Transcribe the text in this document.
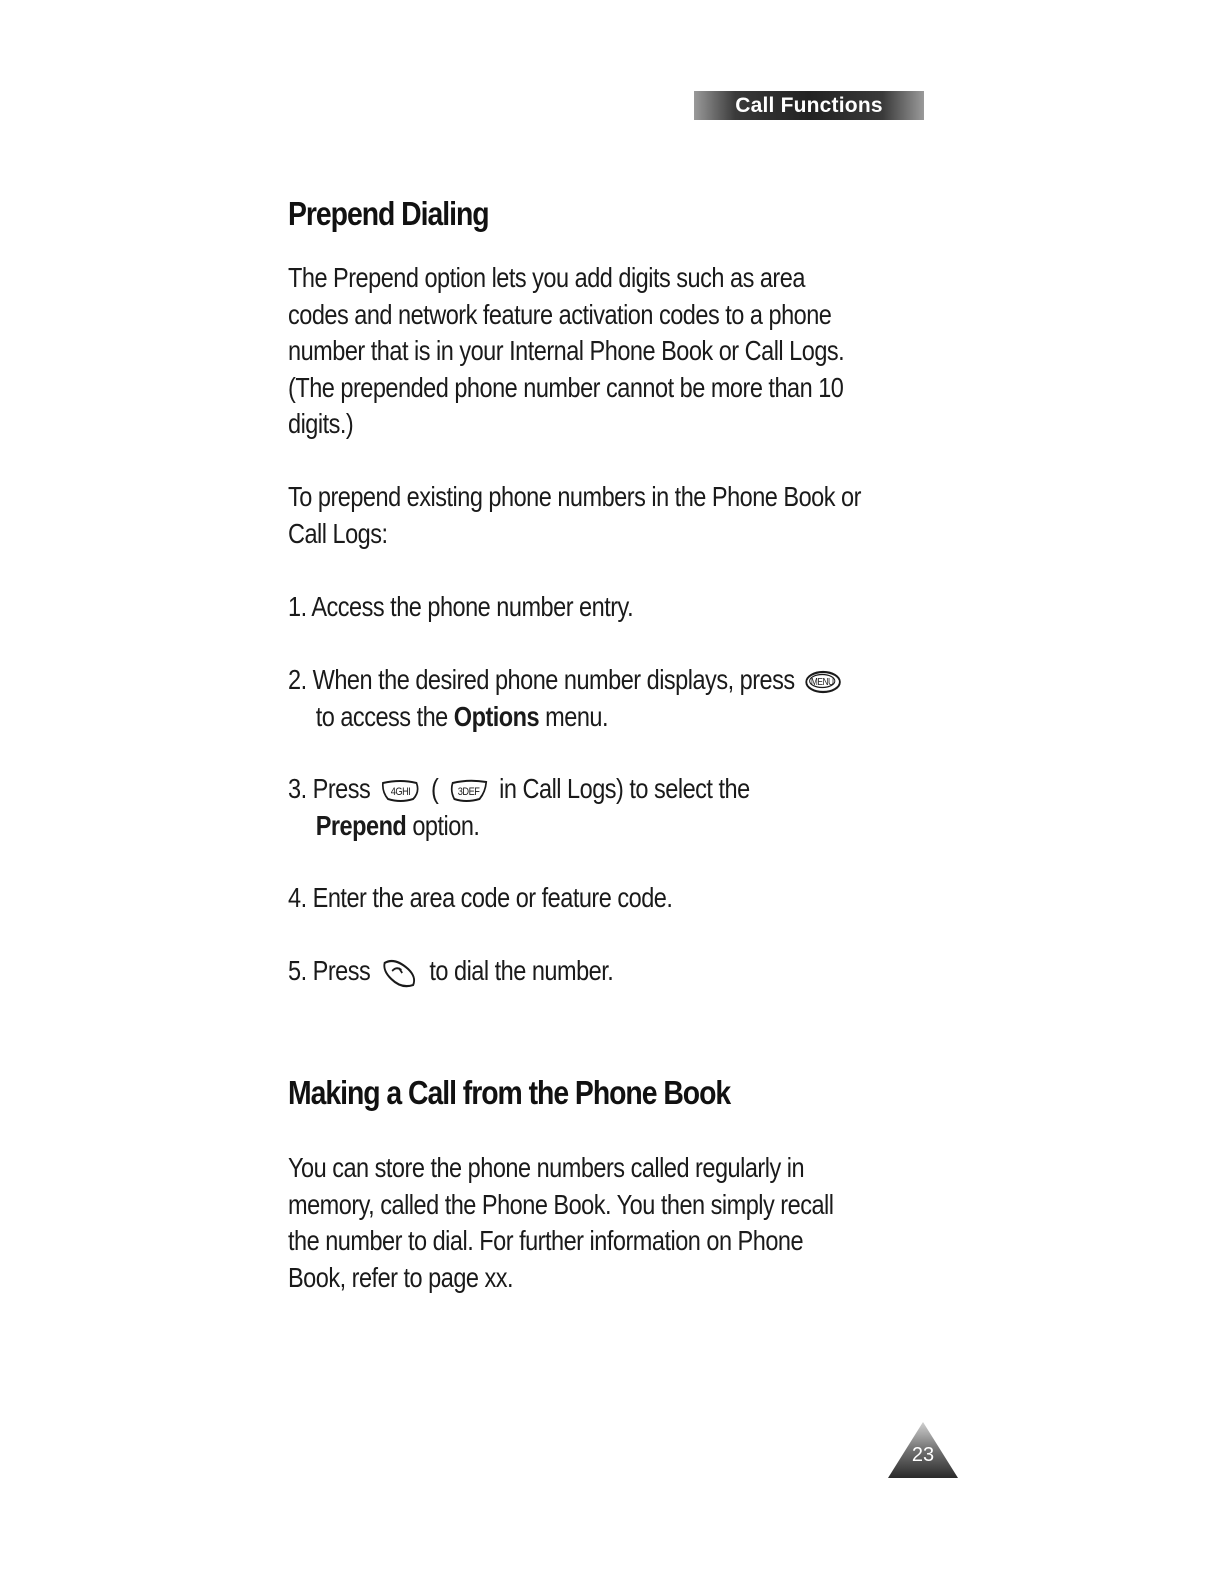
Call Functions
Prepend Dialing
The Prepend option lets you add digits such as area
codes and network feature activation codes to a phone
number that is in your Internal Phone Book or Call Logs.
(The prepended phone number cannot be more than 10
digits.)
To prepend existing phone numbers in the Phone Book or
Call Logs:
1. Access the phone number entry.
2. When the desired phone number displays, press MENU
to access the Options menu.
3. Press 4GHI ( 3DEF in Call Logs) to select the
Prepend option.
4. Enter the area code or feature code.
5. Press to dial the number.
Making a Call from the Phone Book
You can store the phone numbers called regularly in
memory, called the Phone Book. You then simply recall
the number to dial. For further information on Phone
Book, refer to page xx.
23
